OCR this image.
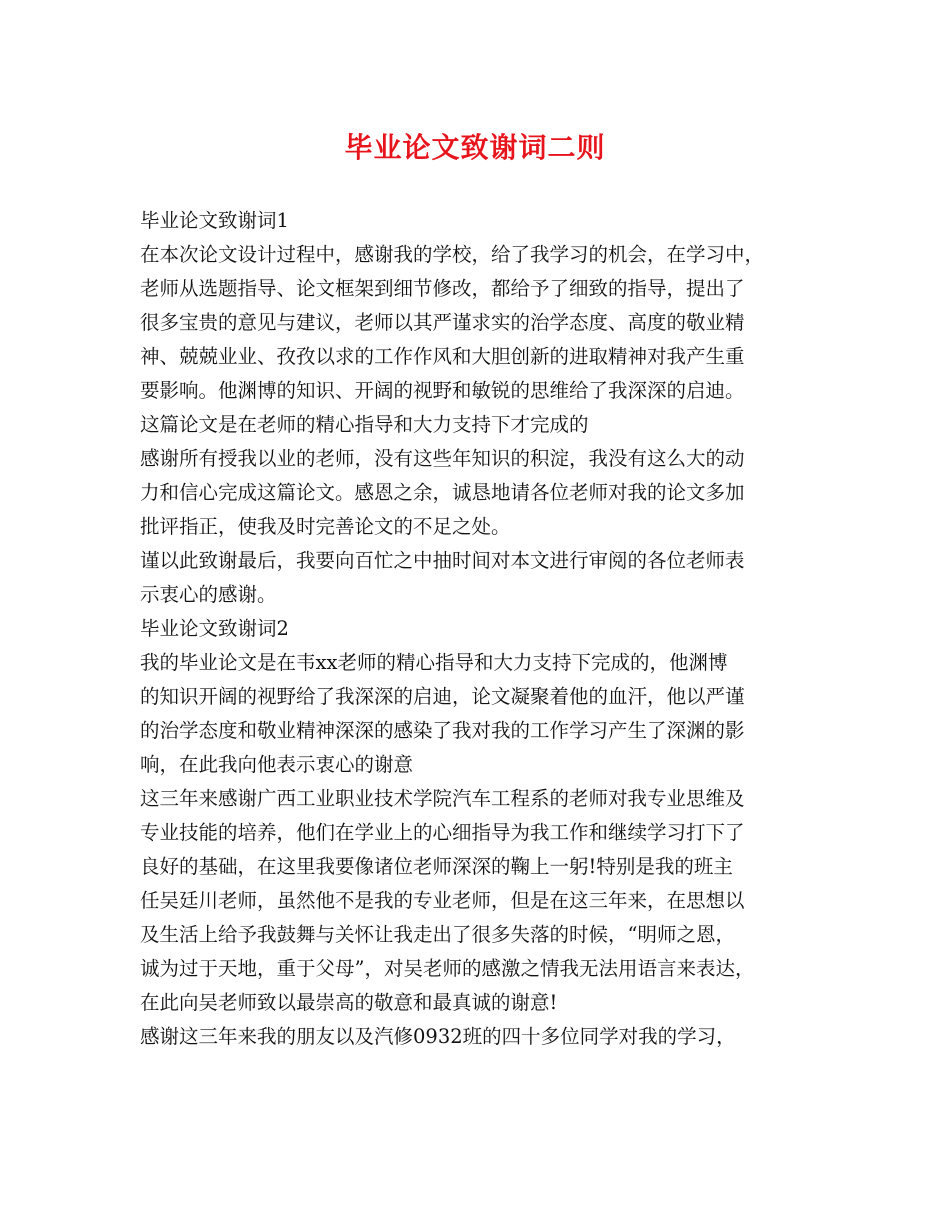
毕业论文致谢词二则
毕业论文致谢词1
在本次论文设计过程中，感谢我的学校，给了我学习的机会，在学习中，
老师从选题指导、论文框架到细节修改，都给予了细致的指导，提出了
很多宝贵的意见与建议，老师以其严谨求实的治学态度、高度的敬业精
神、兢兢业业、孜孜以求的工作作风和大胆创新的进取精神对我产生重
要影响。他渊博的知识、开阔的视野和敏锐的思维给了我深深的启迪。
这篇论文是在老师的精心指导和大力支持下才完成的
感谢所有授我以业的老师，没有这些年知识的积淀，我没有这么大的动
力和信心完成这篇论文。感恩之余，诚恳地请各位老师对我的论文多加
批评指正，使我及时完善论文的不足之处。
谨以此致谢最后，我要向百忙之中抽时间对本文进行审阅的各位老师表
示衷心的感谢。
毕业论文致谢词2
我的毕业论文是在韦xx老师的精心指导和大力支持下完成的，他渊博
的知识开阔的视野给了我深深的启迪，论文凝聚着他的血汗，他以严谨
的治学态度和敬业精神深深的感染了我对我的工作学习产生了深渊的影
响，在此我向他表示衷心的谢意
这三年来感谢广西工业职业技术学院汽车工程系的老师对我专业思维及
专业技能的培养，他们在学业上的心细指导为我工作和继续学习打下了
良好的基础，在这里我要像诸位老师深深的鞠上一躬!特别是我的班主
任吴廷川老师，虽然他不是我的专业老师，但是在这三年来，在思想以
及生活上给予我鼓舞与关怀让我走出了很多失落的时候，“明师之恩，
诚为过于天地，重于父母”，对吴老师的感激之情我无法用语言来表达，
在此向吴老师致以最崇高的敬意和最真诚的谢意!
感谢这三年来我的朋友以及汽修0932班的四十多位同学对我的学习，
